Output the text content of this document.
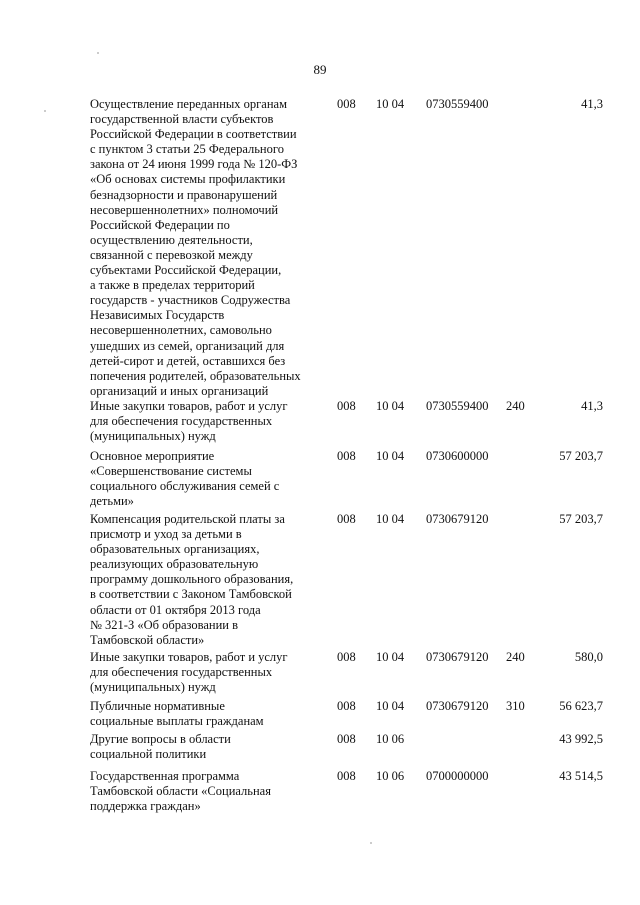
89
Осуществление переданных органам
государственной власти субъектов
Российской Федерации в соответствии
с пунктом 3 статьи 25 Федерального
закона от 24 июня 1999 года № 120-ФЗ
«Об основах системы профилактики
безнадзорности и правонарушений
несовершеннолетних» полномочий
Российской Федерации по
осуществлению деятельности,
связанной с перевозкой между
субъектами Российской Федерации,
а также в пределах территорий
государств - участников Содружества
Независимых Государств
несовершеннолетних, самовольно
ушедших из семей, организаций для
детей-сирот и детей, оставшихся без
попечения родителей, образовательных
организаций и иных организаций
008 10 04 0730559400	41,3
Иные закупки товаров, работ и услуг
для обеспечения государственных
(муниципальных) нужд
008 10 04 0730559400 240	41,3
Основное мероприятие
«Совершенствование системы
социального обслуживания семей с
детьми»
008 10 04 0730600000	57 203,7
Компенсация родительской платы за
присмотр и уход за детьми в
образовательных организациях,
реализующих образовательную
программу дошкольного образования,
в соответствии с Законом Тамбовской
области от 01 октября 2013 года
№ 321-З «Об образовании в
Тамбовской области»
008 10 04 0730679120	57 203,7
Иные закупки товаров, работ и услуг
для обеспечения государственных
(муниципальных) нужд
008 10 04 0730679120 240	580,0
Публичные нормативные
социальные выплаты гражданам
008 10 04 0730679120 310	56 623,7
Другие вопросы в области
социальной политики
008 10 06	43 992,5
Государственная программа
Тамбовской области «Социальная
поддержка граждан»
008 10 06 0700000000	43 514,5
